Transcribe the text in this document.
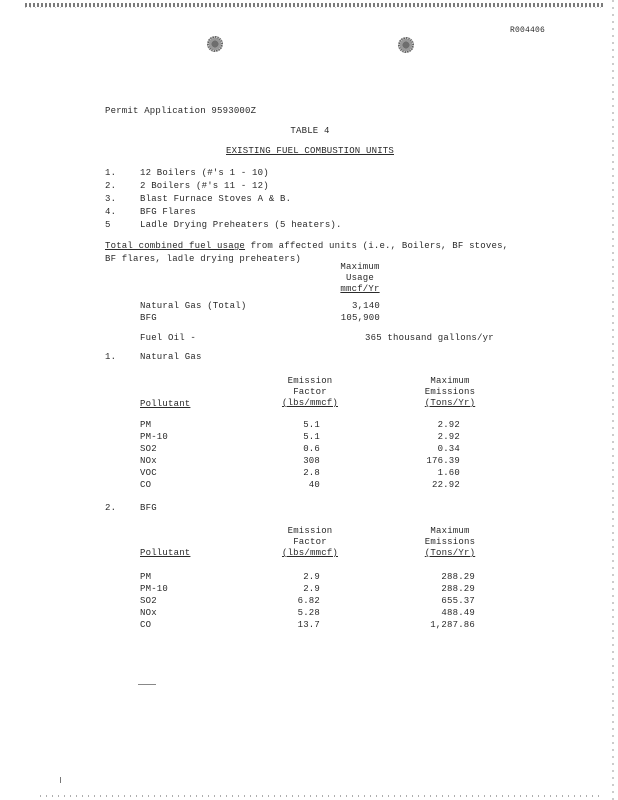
R004406
Permit Application 9593000Z
TABLE 4
EXISTING FUEL COMBUSTION UNITS
1.	12 Boilers (#'s 1 - 10)
2.	2 Boilers (#'s 11 - 12)
3.	Blast Furnace Stoves A & B.
4.	BFG Flares
5	Ladle Drying Preheaters (5 heaters).
Total combined fuel usage from affected units (i.e., Boilers, BF stoves,
BF flares, ladle drying preheaters)
Maximum
Usage
mmcf/Yr
Natural Gas (Total)	3,140
BFG	105,900
Fuel Oil -	365 thousand gallons/yr
1.	Natural Gas
Pollutant
Emission
Factor
(lbs/mmcf)
Maximum
Emissions
(Tons/Yr)
PM	5.1	2.92
PM-10	5.1	2.92
SO2	0.6	0.34
NOx	308	176.39
VOC	2.8	1.60
CO	40	22.92
2.	BFG
Pollutant
Emission
Factor
(lbs/mmcf)
Maximum
Emissions
(Tons/Yr)
PM	2.9	288.29
PM-10	2.9	288.29
SO2	6.82	655.37
NOx	5.28	488.49
CO	13.7	1,287.86
